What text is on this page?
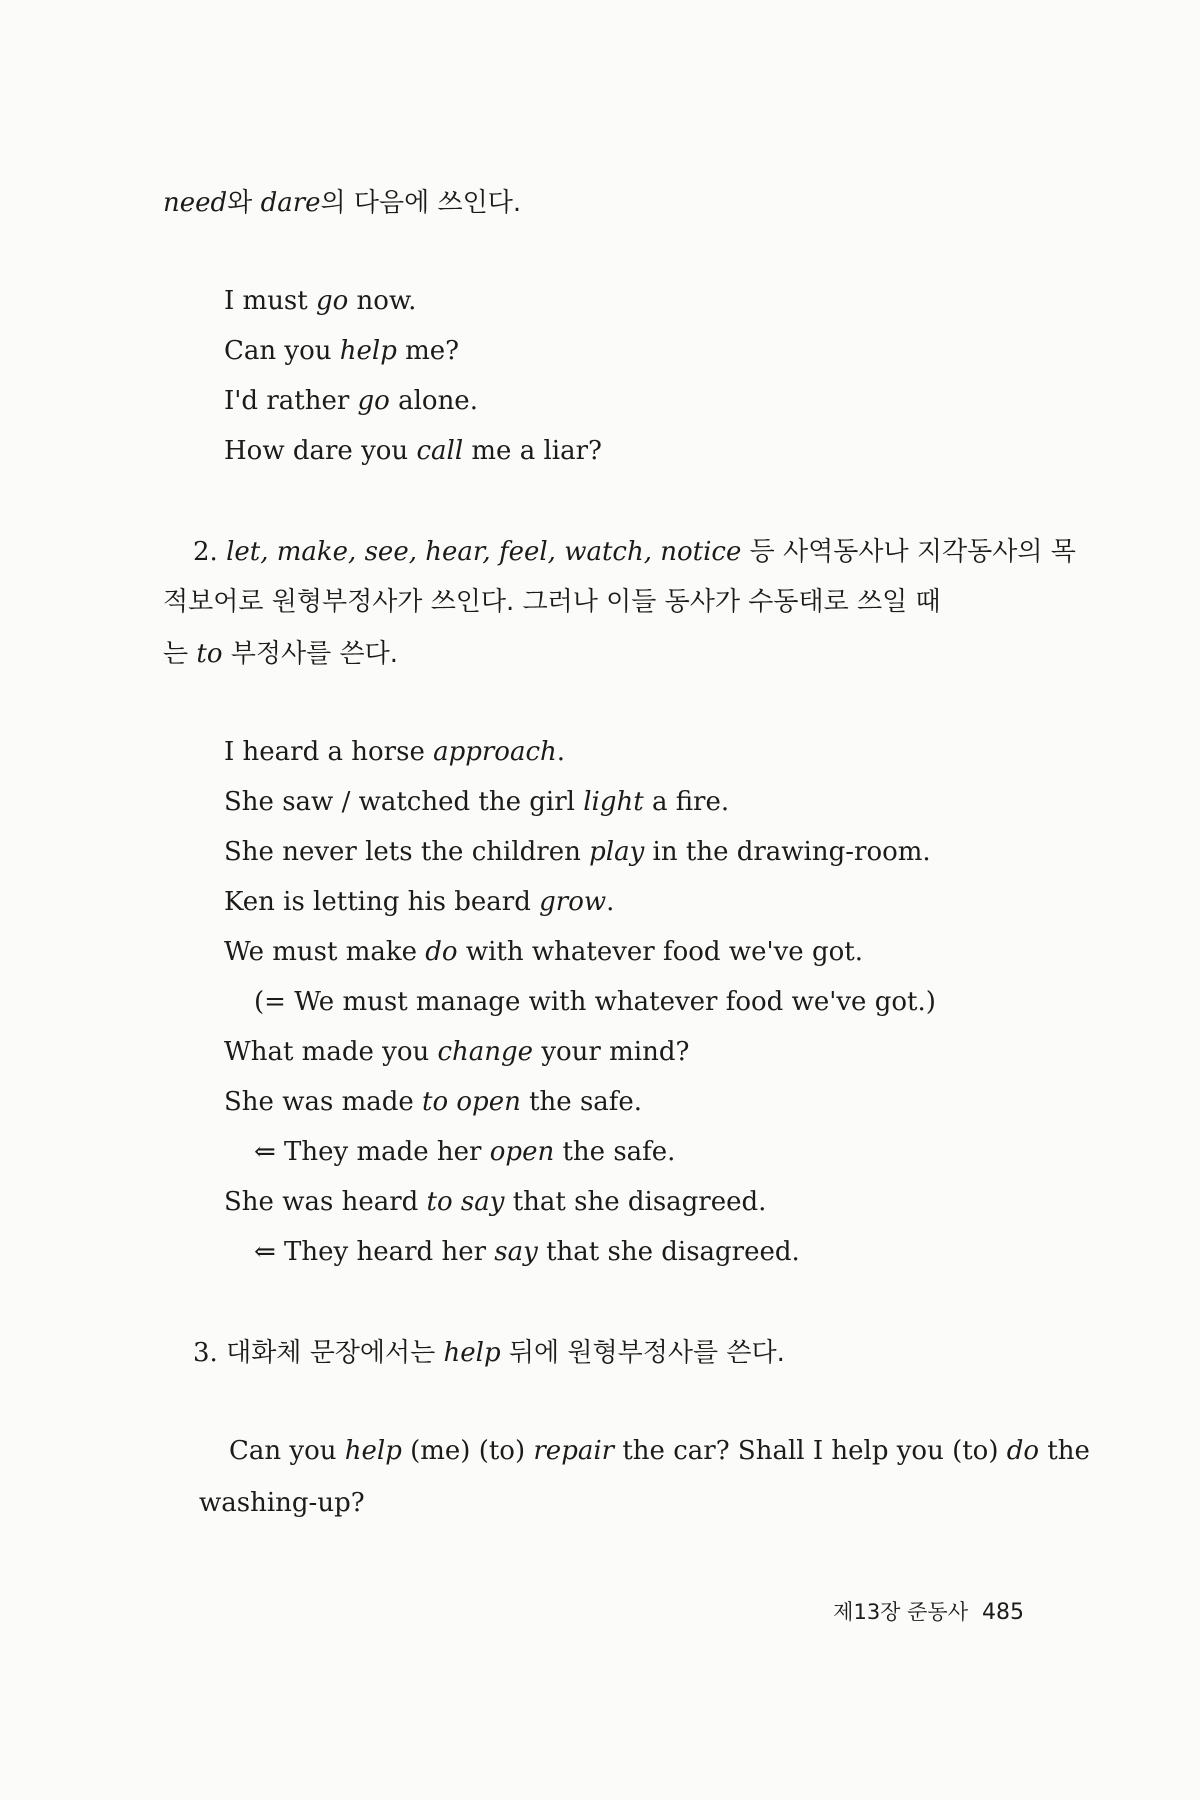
need와 dare의 다음에 쓰인다.
I must go now.
Can you help me?
I'd rather go alone.
How dare you call me a liar?
2. let, make, see, hear, feel, watch, notice 등 사역동사나 지각동사의 목
적보어로 원형부정사가 쓰인다. 그러나 이들 동사가 수동태로 쓰일 때
는 to 부정사를 쓴다.
I heard a horse approach.
She saw / watched the girl light a fire.
She never lets the children play in the drawing-room.
Ken is letting his beard grow.
We must make do with whatever food we've got.
(= We must manage with whatever food we've got.)
What made you change your mind?
She was made to open the safe.
⇐ They made her open the safe.
She was heard to say that she disagreed.
⇐ They heard her say that she disagreed.
3. 대화체 문장에서는 help 뒤에 원형부정사를 쓴다.
Can you help (me) (to) repair the car? Shall I help you (to) do the
washing-up?
제13장 준동사 485
